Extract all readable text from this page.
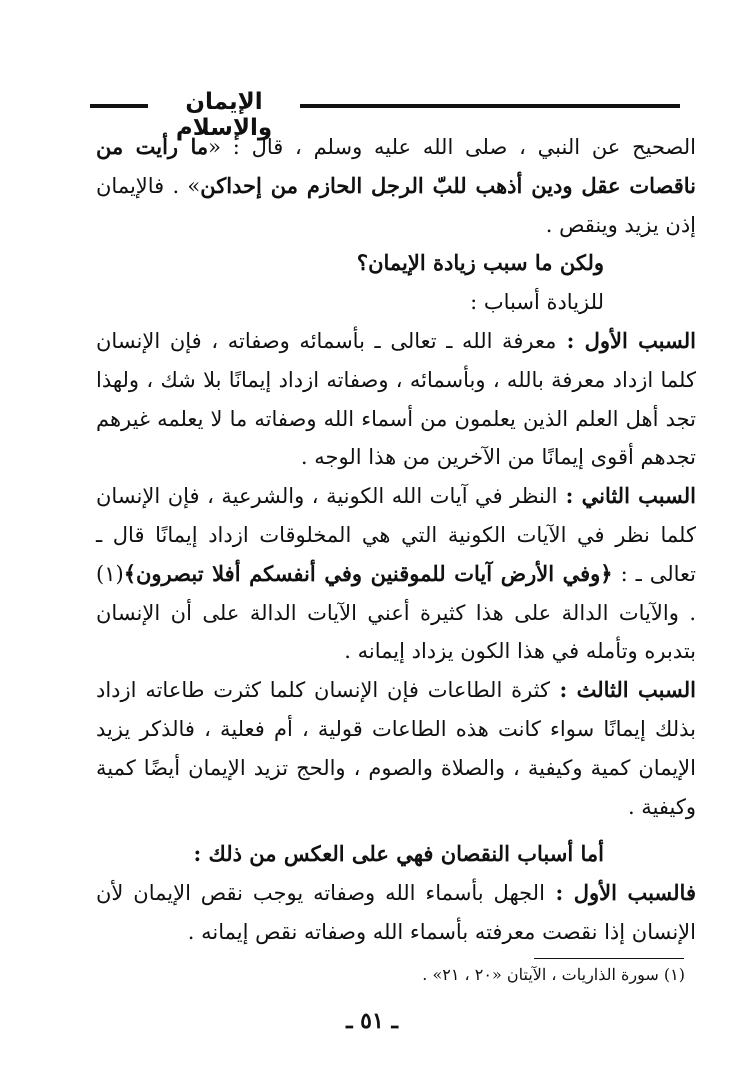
الإيمان والإسلام

الصحيح عن النبي ، صلى الله عليه وسلم ، قال : «ما رأيت من ناقصات عقل ودين أذهب للبّ الرجل الحازم من إحداكن» . فالإيمان إذن يزيد وينقص .

ولكن ما سبب زيادة الإيمان؟

للزيادة أسباب :

السبب الأول : معرفة الله ـ تعالى ـ بأسمائه وصفاته ، فإن الإنسان كلما ازداد معرفة بالله ، وبأسمائه ، وصفاته ازداد إيمانًا بلا شك ، ولهذا تجد أهل العلم الذين يعلمون من أسماء الله وصفاته ما لا يعلمه غيرهم تجدهم أقوى إيمانًا من الآخرين من هذا الوجه .

السبب الثاني : النظر في آيات الله الكونية ، والشرعية ، فإن الإنسان كلما نظر في الآيات الكونية التي هي المخلوقات ازداد إيمانًا قال ـ تعالى ـ : ﴿وفي الأرض آيات للموقنين وفي أنفسكم أفلا تبصرون﴾(١) . والآيات الدالة على هذا كثيرة أعني الآيات الدالة على أن الإنسان بتدبره وتأمله في هذا الكون يزداد إيمانه .

السبب الثالث : كثرة الطاعات فإن الإنسان كلما كثرت طاعاته ازداد بذلك إيمانًا سواء كانت هذه الطاعات قولية ، أم فعلية ، فالذكر يزيد الإيمان كمية وكيفية ، والصلاة والصوم ، والحج تزيد الإيمان أيضًا كمية وكيفية .

أما أسباب النقصان فهي على العكس من ذلك :

فالسبب الأول : الجهل بأسماء الله وصفاته يوجب نقص الإيمان لأن الإنسان إذا نقصت معرفته بأسماء الله وصفاته نقص إيمانه .

(١) سورة الذاريات ، الآيتان «٢٠ ، ٢١» .
ـ ٥١ ـ
